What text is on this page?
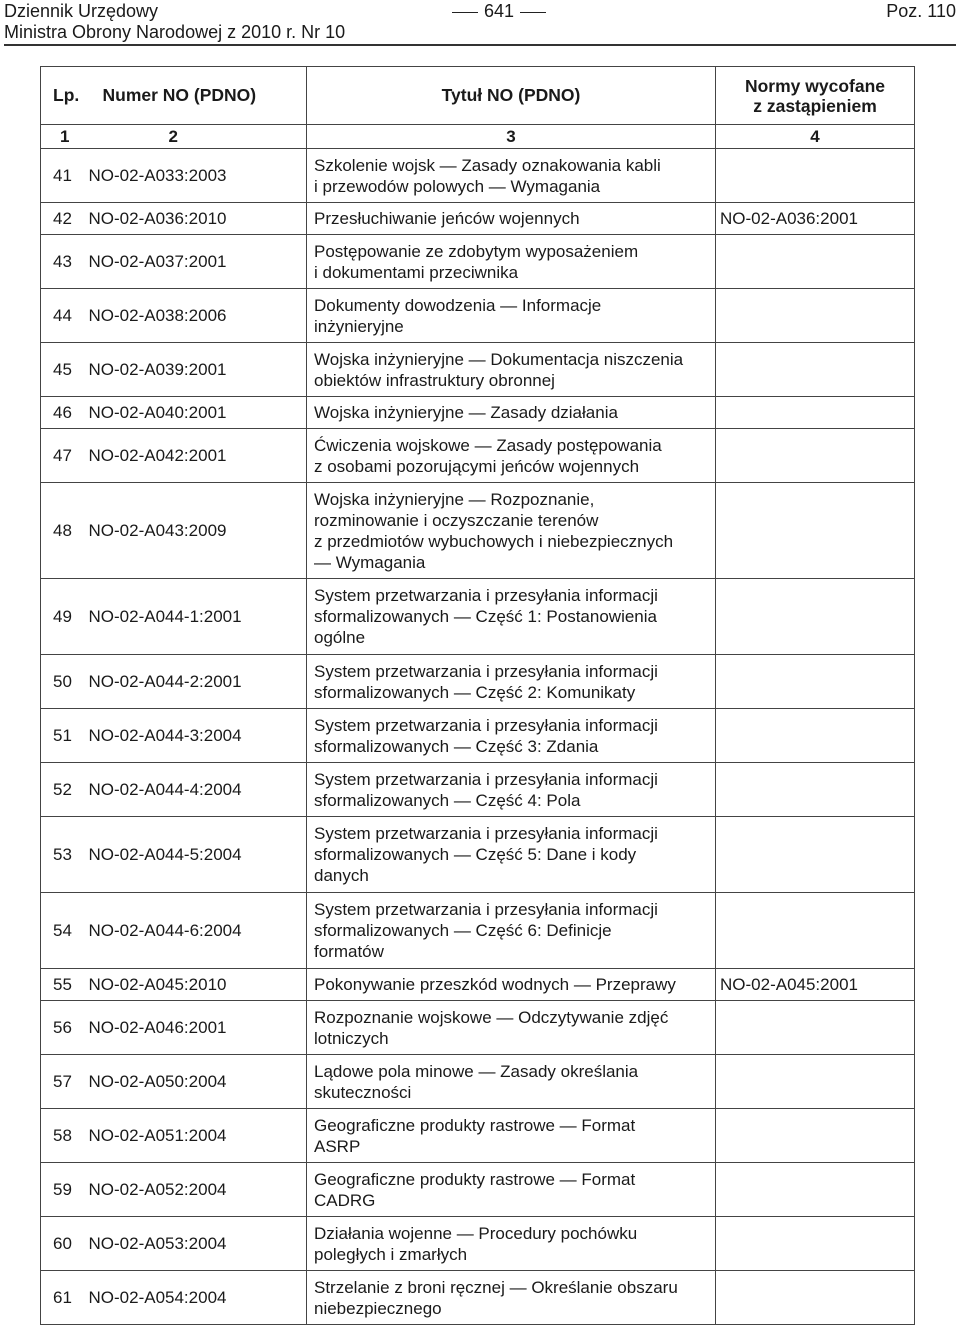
Dziennik Urzędowy
Ministra Obrony Narodowej z 2010 r. Nr 10
641	Poz. 110
Lp.	Numer NO (PDNO)	Tytuł NO (PDNO)	Normy wycofane
z zastąpieniem
1	2	3	4
41	NO-02-A033:2003	Szkolenie wojsk — Zasady oznakowania kabli
i przewodów polowych — Wymagania	
42	NO-02-A036:2010	Przesłuchiwanie jeńców wojennych	NO-02-A036:2001
43	NO-02-A037:2001	Postępowanie ze zdobytym wyposażeniem
i dokumentami przeciwnika	
44	NO-02-A038:2006	Dokumenty dowodzenia — Informacje
inżynieryjne	
45	NO-02-A039:2001	Wojska inżynieryjne — Dokumentacja niszczenia
obiektów infrastruktury obronnej	
46	NO-02-A040:2001	Wojska inżynieryjne — Zasady działania	
47	NO-02-A042:2001	Ćwiczenia wojskowe — Zasady postępowania
z osobami pozorującymi jeńców wojennych	
48	NO-02-A043:2009	Wojska inżynieryjne — Rozpoznanie,
rozminowanie i oczyszczanie terenów
z przedmiotów wybuchowych i niebezpiecznych
— Wymagania	
49	NO-02-A044-1:2001	System przetwarzania i przesyłania informacji
sformalizowanych — Część 1: Postanowienia
ogólne	
50	NO-02-A044-2:2001	System przetwarzania i przesyłania informacji
sformalizowanych — Część 2: Komunikaty	
51	NO-02-A044-3:2004	System przetwarzania i przesyłania informacji
sformalizowanych — Część 3: Zdania	
52	NO-02-A044-4:2004	System przetwarzania i przesyłania informacji
sformalizowanych — Część 4: Pola	
53	NO-02-A044-5:2004	System przetwarzania i przesyłania informacji
sformalizowanych — Część 5: Dane i kody
danych	
54	NO-02-A044-6:2004	System przetwarzania i przesyłania informacji
sformalizowanych — Część 6: Definicje
formatów	
55	NO-02-A045:2010	Pokonywanie przeszkód wodnych — Przeprawy	NO-02-A045:2001
56	NO-02-A046:2001	Rozpoznanie wojskowe — Odczytywanie zdjęć
lotniczych	
57	NO-02-A050:2004	Lądowe pola minowe — Zasady określania
skuteczności	
58	NO-02-A051:2004	Geograficzne produkty rastrowe — Format
ASRP	
59	NO-02-A052:2004	Geograficzne produkty rastrowe — Format
CADRG	
60	NO-02-A053:2004	Działania wojenne — Procedury pochówku
poległych i zmarłych	
61	NO-02-A054:2004	Strzelanie z broni ręcznej — Określanie obszaru
niebezpiecznego	
